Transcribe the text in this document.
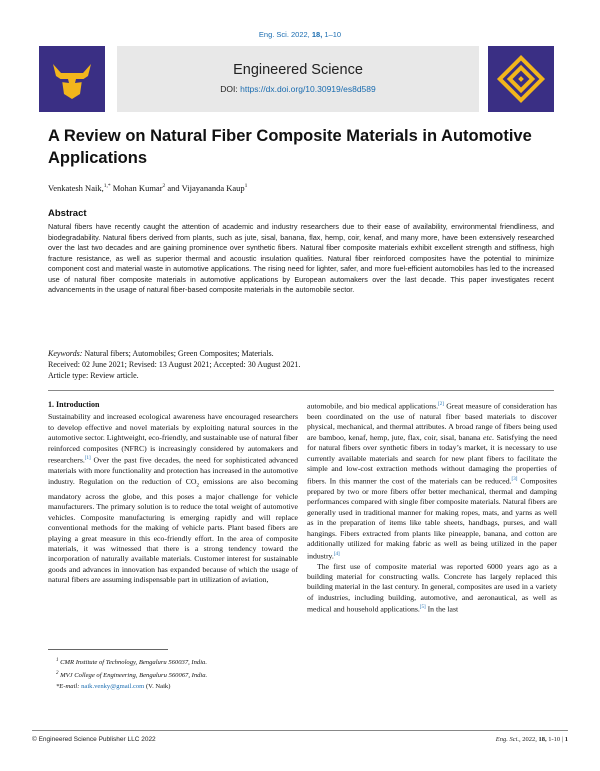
Eng. Sci. 2022, 18, 1–10
Engineered Science
DOI: https://dx.doi.org/10.30919/es8d589
A Review on Natural Fiber Composite Materials in Automotive Applications
Venkatesh Naik,$^{1,*}$ Mohan Kumar$^2$ and Vijayananda Kaup$^1$
Abstract
Natural fibers have recently caught the attention of academic and industry researchers due to their ease of availability, environmental friendliness, and biodegradability. Natural fibers derived from plants, such as jute, sisal, banana, flax, hemp, coir, kenaf, and many more, have been extensively researched over the last two decades and are gaining prominence over synthetic fibers. Natural fiber composite materials exhibit excellent strength and stiffness, high fracture resistance, as well as superior thermal and acoustic insulation qualities. Natural fiber reinforced composites have the potential to minimize component cost and material waste in automotive applications. The rising need for lighter, safer, and more fuel-efficient automobiles has led to the increased use of natural fiber composite materials in automotive applications by European automakers over the last decade. This paper investigates recent advancements in the usage of natural fiber-based composite materials in the automobile sector.
Keywords: Natural fibers; Automobiles; Green Composites; Materials.
Received: 02 June 2021; Revised: 13 August 2021; Accepted: 30 August 2021.
Article type: Review article.
1. Introduction

Sustainability and increased ecological awareness have encouraged researchers to develop effective and novel materials by exploiting natural sources in the automotive sector. Lightweight, eco-friendly, and sustainable use of natural fiber reinforced composites (NFRC) is increasingly considered by automakers and researchers.[1] Over the past five decades, the need for sophisticated advanced materials with more functionality and protection has increased in the automotive industry. Regulation on the reduction of $CO_2$ emissions are also becoming mandatory across the globe, and this poses a major challenge for vehicle manufacturers. The primary solution is to reduce the total weight of automotive vehicles. Composite manufacturing is emerging rapidly and will replace conventional methods for the making of vehicle parts. Plant based fibers are playing a great measure in this eco-friendly effort. In the area of composite materials, it was witnessed that there is a strong tendency toward the incorporation of naturally available materials. Customer interest for sustainable goods and advances in innovation has expanded because of which the usage of natural fibers are assuming indispensable part in utilization of aviation,

automobile, and bio medical applications.[2] Great measure of consideration has been coordinated on the use of natural fiber based materials to discover physical, mechanical, and thermal attributes. A broad range of fibers being used are bamboo, kenaf, hemp, jute, flax, coir, sisal, banana etc. Satisfying the need for natural fibers over synthetic fibers in today’s market, it is necessary to use currently available materials and search for new plant fibers to facilitate the simple and low-cost extraction methods without damaging the properties of fibers. In this manner the cost of the materials can be reduced.[3] Composites prepared by two or more fibers offer better mechanical, thermal and damping performances compared with single fiber composite materials. Natural fibers are generally used in traditional manner for making ropes, mats, and yarns as well as in the preparation of items like table sheets, handbags, purses, and wall hangings. Fibers extracted from plants like pineapple, banana, and cotton are additionally utilized for making fabric as well as being utilized in the paper industry.[4]

The first use of composite material was reported 6000 years ago as a building material for constructing walls. Concrete has largely replaced this building material in the last century. In general, composites are used in a variety of industries, including building, automotive, and aeronautical, as well as medical and household applications.[5] In the last

$^1$ CMR Institute of Technology, Bengaluru 560037, India.
$^2$ MVJ College of Engineering, Bengaluru 560067, India.
*E-mail: naik.venky@gmail.com (V. Naik)
© Engineered Science Publisher LLC 2022	Eng. Sci., 2022, 18, 1-10 | 1
